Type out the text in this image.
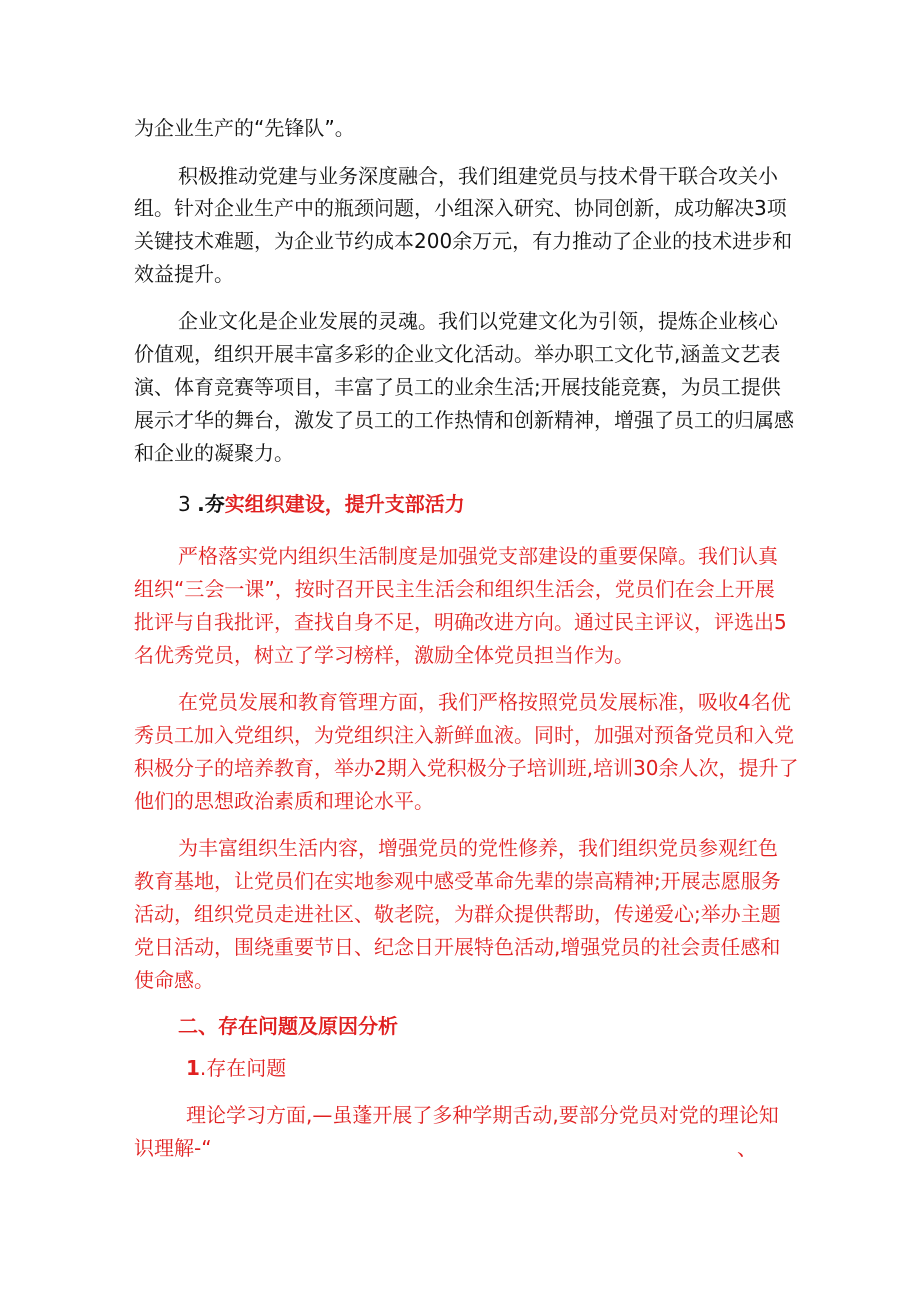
为企业生产的“先锋队”。
积极推动党建与业务深度融合，我们组建党员与技术骨干联合攻关小
组。针对企业生产中的瓶颈问题，小组深入研究、协同创新，成功解决3项
关键技术难题，为企业节约成本200余万元，有力推动了企业的技术进步和
效益提升。
企业文化是企业发展的灵魂。我们以党建文化为引领，提炼企业核心
价值观，组织开展丰富多彩的企业文化活动。举办职工文化节,涵盖文艺表
演、体育竞赛等项目，丰富了员工的业余生活;开展技能竞赛，为员工提供
展示才华的舞台，激发了员工的工作热情和创新精神，增强了员工的归属感
和企业的凝聚力。
3 .夯实组织建设，提升支部活力
严格落实党内组织生活制度是加强党支部建设的重要保障。我们认真
组织“三会一课”，按时召开民主生活会和组织生活会，党员们在会上开展
批评与自我批评，查找自身不足，明确改进方向。通过民主评议，评选出5
名优秀党员，树立了学习榜样，激励全体党员担当作为。
在党员发展和教育管理方面，我们严格按照党员发展标准，吸收4名优
秀员工加入党组织，为党组织注入新鲜血液。同时，加强对预备党员和入党
积极分子的培养教育，举办2期入党积极分子培训班,培训30余人次，提升了
他们的思想政治素质和理论水平。
为丰富组织生活内容，增强党员的党性修养，我们组织党员参观红色
教育基地，让党员们在实地参观中感受革命先辈的崇高精神;开展志愿服务
活动，组织党员走进社区、敬老院，为群众提供帮助，传递爱心;举办主题
党日活动，围绕重要节日、纪念日开展特色活动,增强党员的社会责任感和
使命感。
二、存在问题及原因分析
1.存在问题
理论学习方面,—虽蓬开展了多种学期舌动,要部分党员对党的理论知
识理解-“	、
